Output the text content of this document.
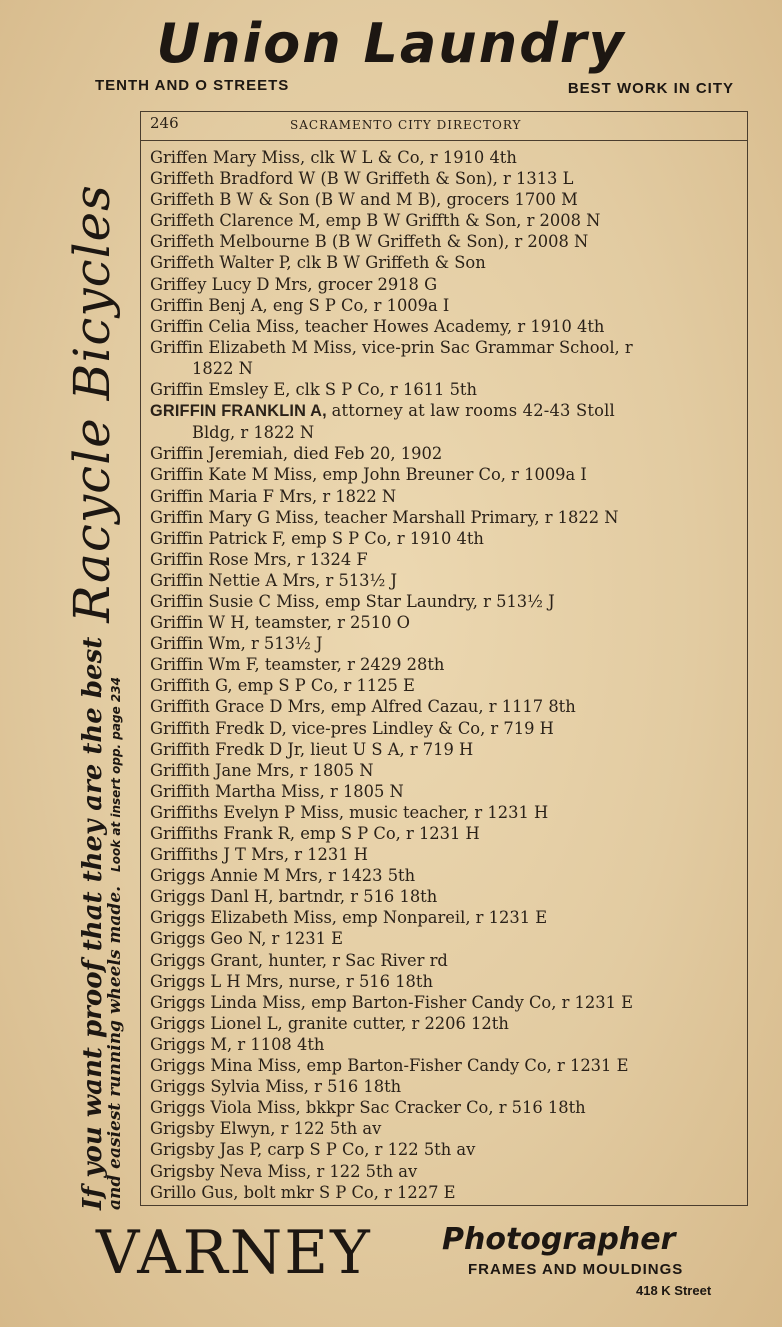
Union Laundry
TENTH AND O STREETS	BEST WORK IN CITY
If you want proof that they are the bestRacycle Bicycles
and easiest running wheels made.Look at insert opp. page 234
246	SACRAMENTO CITY DIRECTORY
Griffen Mary Miss, clk W L & Co, r 1910 4th
Griffeth Bradford W (B W Griffeth & Son), r 1313 L
Griffeth B W & Son (B W and M B), grocers 1700 M
Griffeth Clarence M, emp B W Griffth & Son, r 2008 N
Griffeth Melbourne B (B W Griffeth & Son), r 2008 N
Griffeth Walter P, clk B W Griffeth & Son
Griffey Lucy D Mrs, grocer 2918 G
Griffin Benj A, eng S P Co, r 1009a I
Griffin Celia Miss, teacher Howes Academy, r 1910 4th
Griffin Elizabeth M Miss, vice-prin Sac Grammar School, r
1822 N
Griffin Emsley E, clk S P Co, r 1611 5th
GRIFFIN FRANKLIN A, attorney at law rooms 42-43 Stoll
Bldg, r 1822 N
Griffin Jeremiah, died Feb 20, 1902
Griffin Kate M Miss, emp John Breuner Co, r 1009a I
Griffin Maria F Mrs, r 1822 N
Griffin Mary G Miss, teacher Marshall Primary, r 1822 N
Griffin Patrick F, emp S P Co, r 1910 4th
Griffin Rose Mrs, r 1324 F
Griffin Nettie A Mrs, r 513½ J
Griffin Susie C Miss, emp Star Laundry, r 513½ J
Griffin W H, teamster, r 2510 O
Griffin Wm, r 513½ J
Griffin Wm F, teamster, r 2429 28th
Griffith G, emp S P Co, r 1125 E
Griffith Grace D Mrs, emp Alfred Cazau, r 1117 8th
Griffith Fredk D, vice-pres Lindley & Co, r 719 H
Griffith Fredk D Jr, lieut U S A, r 719 H
Griffith Jane Mrs, r 1805 N
Griffith Martha Miss, r 1805 N
Griffiths Evelyn P Miss, music teacher, r 1231 H
Griffiths Frank R, emp S P Co, r 1231 H
Griffiths J T Mrs, r 1231 H
Griggs Annie M Mrs, r 1423 5th
Griggs Danl H, bartndr, r 516 18th
Griggs Elizabeth Miss, emp Nonpareil, r 1231 E
Griggs Geo N, r 1231 E
Griggs Grant, hunter, r Sac River rd
Griggs L H Mrs, nurse, r 516 18th
Griggs Linda Miss, emp Barton-Fisher Candy Co, r 1231 E
Griggs Lionel L, granite cutter, r 2206 12th
Griggs M, r 1108 4th
Griggs Mina Miss, emp Barton-Fisher Candy Co, r 1231 E
Griggs Sylvia Miss, r 516 18th
Griggs Viola Miss, bkkpr Sac Cracker Co, r 516 18th
Grigsby Elwyn, r 122 5th av
Grigsby Jas P, carp S P Co, r 122 5th av
Grigsby Neva Miss, r 122 5th av
Grillo Gus, bolt mkr S P Co, r 1227 E
VARNEY Photographer
FRAMES AND MOULDINGS
418 K Street
